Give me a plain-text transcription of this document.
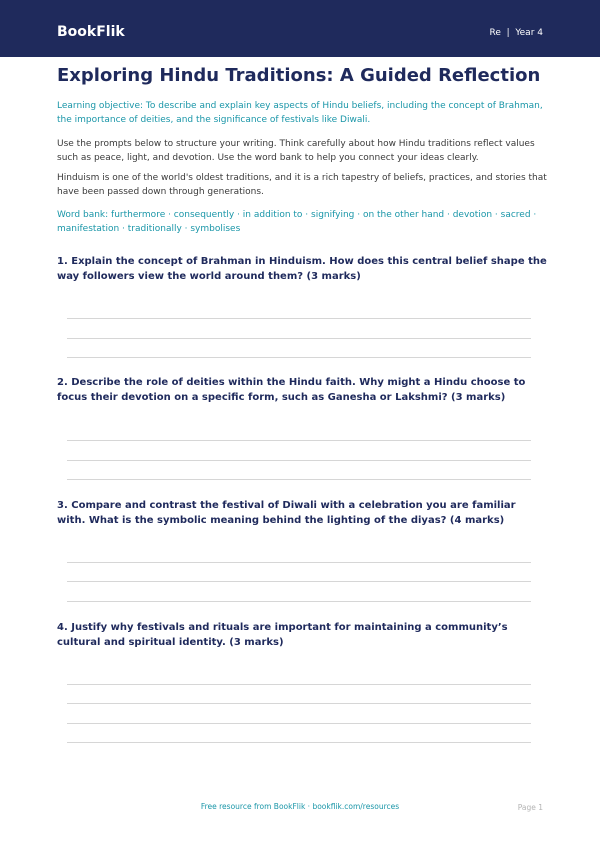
BookFlik	Re  |  Year 4
Exploring Hindu Traditions: A Guided Reflection

Learning objective: To describe and explain key aspects of Hindu beliefs, including the concept of Brahman, the importance of deities, and the significance of festivals like Diwali.

Use the prompts below to structure your writing. Think carefully about how Hindu traditions reflect values such as peace, light, and devotion. Use the word bank to help you connect your ideas clearly.

Hinduism is one of the world's oldest traditions, and it is a rich tapestry of beliefs, practices, and stories that have been passed down through generations.

Word bank: furthermore · consequently · in addition to · signifying · on the other hand · devotion · sacred · manifestation · traditionally · symbolises

1. Explain the concept of Brahman in Hinduism. How does this central belief shape the way followers view the world around them? (3 marks)

2. Describe the role of deities within the Hindu faith. Why might a Hindu choose to focus their devotion on a specific form, such as Ganesha or Lakshmi? (3 marks)

3. Compare and contrast the festival of Diwali with a celebration you are familiar with. What is the symbolic meaning behind the lighting of the diyas? (4 marks)

4. Justify why festivals and rituals are important for maintaining a community’s cultural and spiritual identity. (3 marks)

Free resource from BookFlik · bookflik.com/resources	Page 1
